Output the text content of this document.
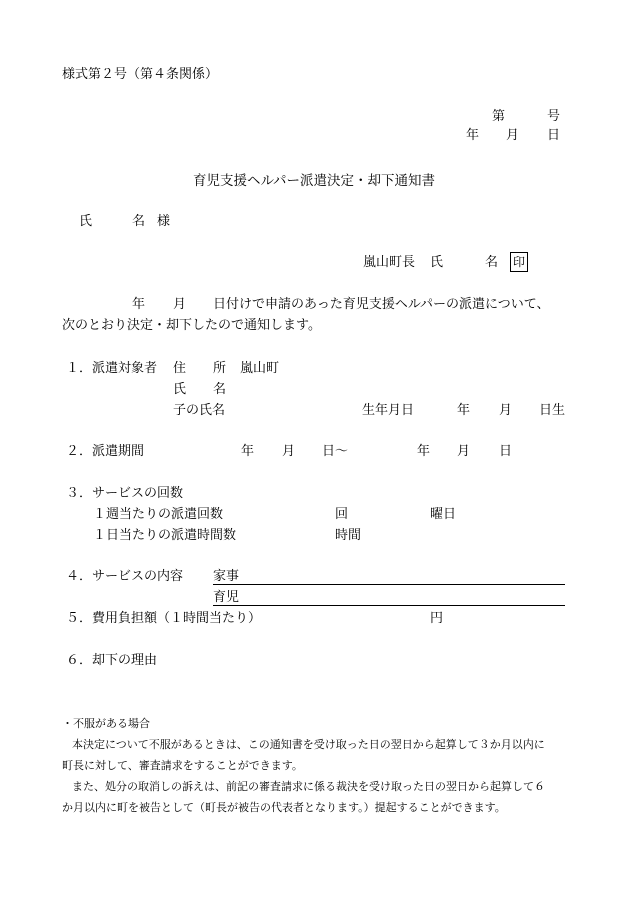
様式第２号（第４条関係）
第	号
年 月 日
育児支援ヘルパー派遣決定・却下通知書
氏	名 様
嵐山町長 氏	名 印
年 月 日付けで申請のあった育児支援ヘルパーの派遣について、
次のとおり決定・却下したので通知します。
１．派遣対象者 住 所 嵐山町
氏 名
子の氏名	生年月日	年 月 日生
２．派遣期間	年 月 日～	年 月 日
３．サービスの回数
１週当たりの派遣回数	回	曜日
１日当たりの派遣時間数	時間
４．サービスの内容 家事
育児
５．費用負担額（１時間当たり）	円
６．却下の理由
・不服がある場合
本決定について不服があるときは、この通知書を受け取った日の翌日から起算して３か月以内に
町長に対して、審査請求をすることができます。
また、処分の取消しの訴えは、前記の審査請求に係る裁決を受け取った日の翌日から起算して６
か月以内に町を被告として（町長が被告の代表者となります。）提起することができます。
